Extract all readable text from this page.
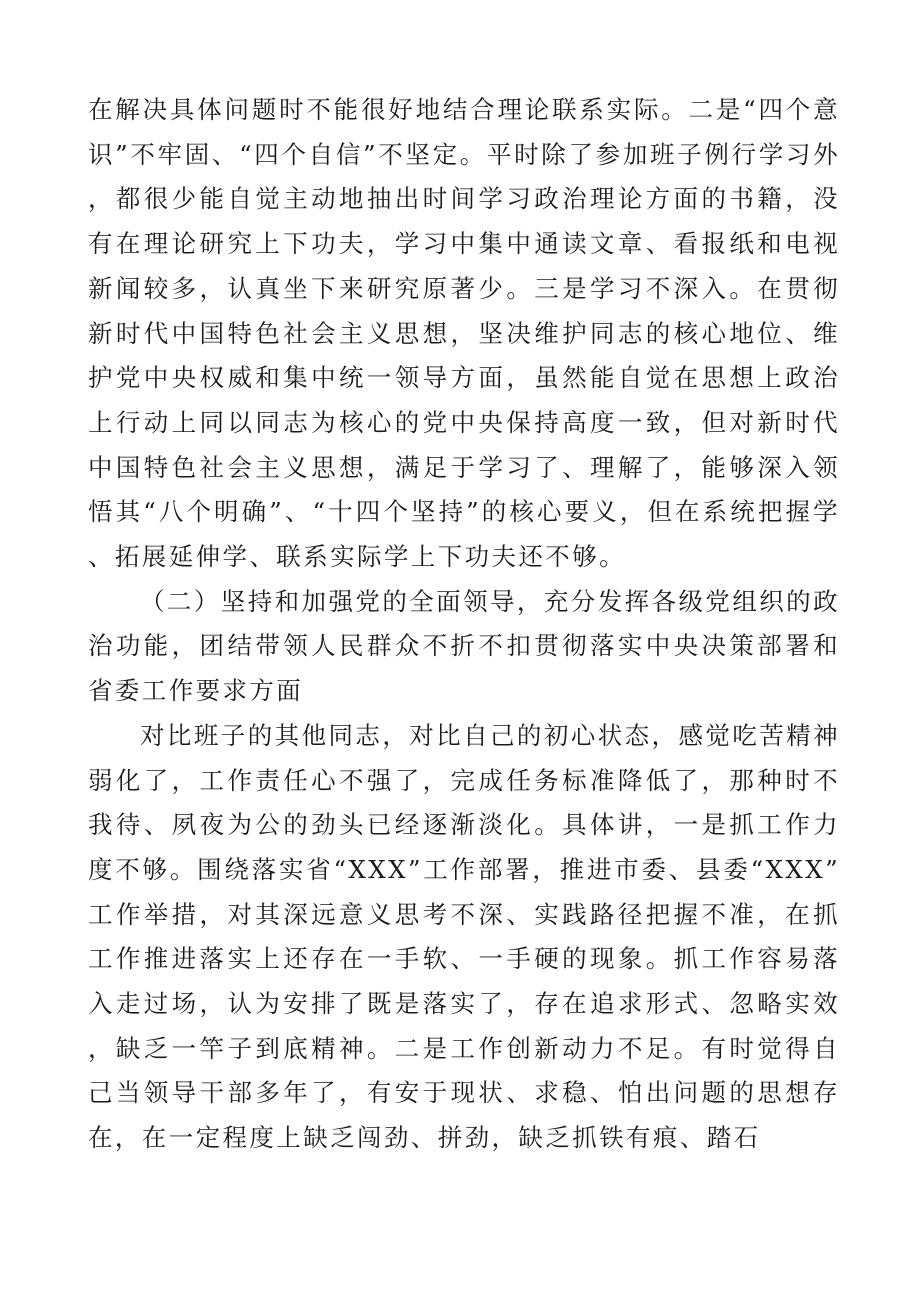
在解决具体问题时不能很好地结合理论联系实际。二是“四个意识”不牢固、“四个自信”不坚定。平时除了参加班子例行学习外，都很少能自觉主动地抽出时间学习政治理论方面的书籍，没有在理论研究上下功夫，学习中集中通读文章、看报纸和电视新闻较多，认真坐下来研究原著少。三是学习不深入。在贯彻新时代中国特色社会主义思想，坚决维护同志的核心地位、维护党中央权威和集中统一领导方面，虽然能自觉在思想上政治上行动上同以同志为核心的党中央保持高度一致，但对新时代中国特色社会主义思想，满足于学习了、理解了，能够深入领悟其“八个明确”、“十四个坚持”的核心要义，但在系统把握学、拓展延伸学、联系实际学上下功夫还不够。

（二）坚持和加强党的全面领导，充分发挥各级党组织的政治功能，团结带领人民群众不折不扣贯彻落实中央决策部署和省委工作要求方面

对比班子的其他同志，对比自己的初心状态，感觉吃苦精神弱化了，工作责任心不强了，完成任务标准降低了，那种时不我待、夙夜为公的劲头已经逐渐淡化。具体讲，一是抓工作力度不够。围绕落实省“XXX”工作部署，推进市委、县委“XXX”工作举措，对其深远意义思考不深、实践路径把握不准，在抓工作推进落实上还存在一手软、一手硬的现象。抓工作容易落入走过场，认为安排了既是落实了，存在追求形式、忽略实效，缺乏一竿子到底精神。二是工作创新动力不足。有时觉得自己当领导干部多年了，有安于现状、求稳、怕出问题的思想存在，在一定程度上缺乏闯劲、拼劲，缺乏抓铁有痕、踏石
